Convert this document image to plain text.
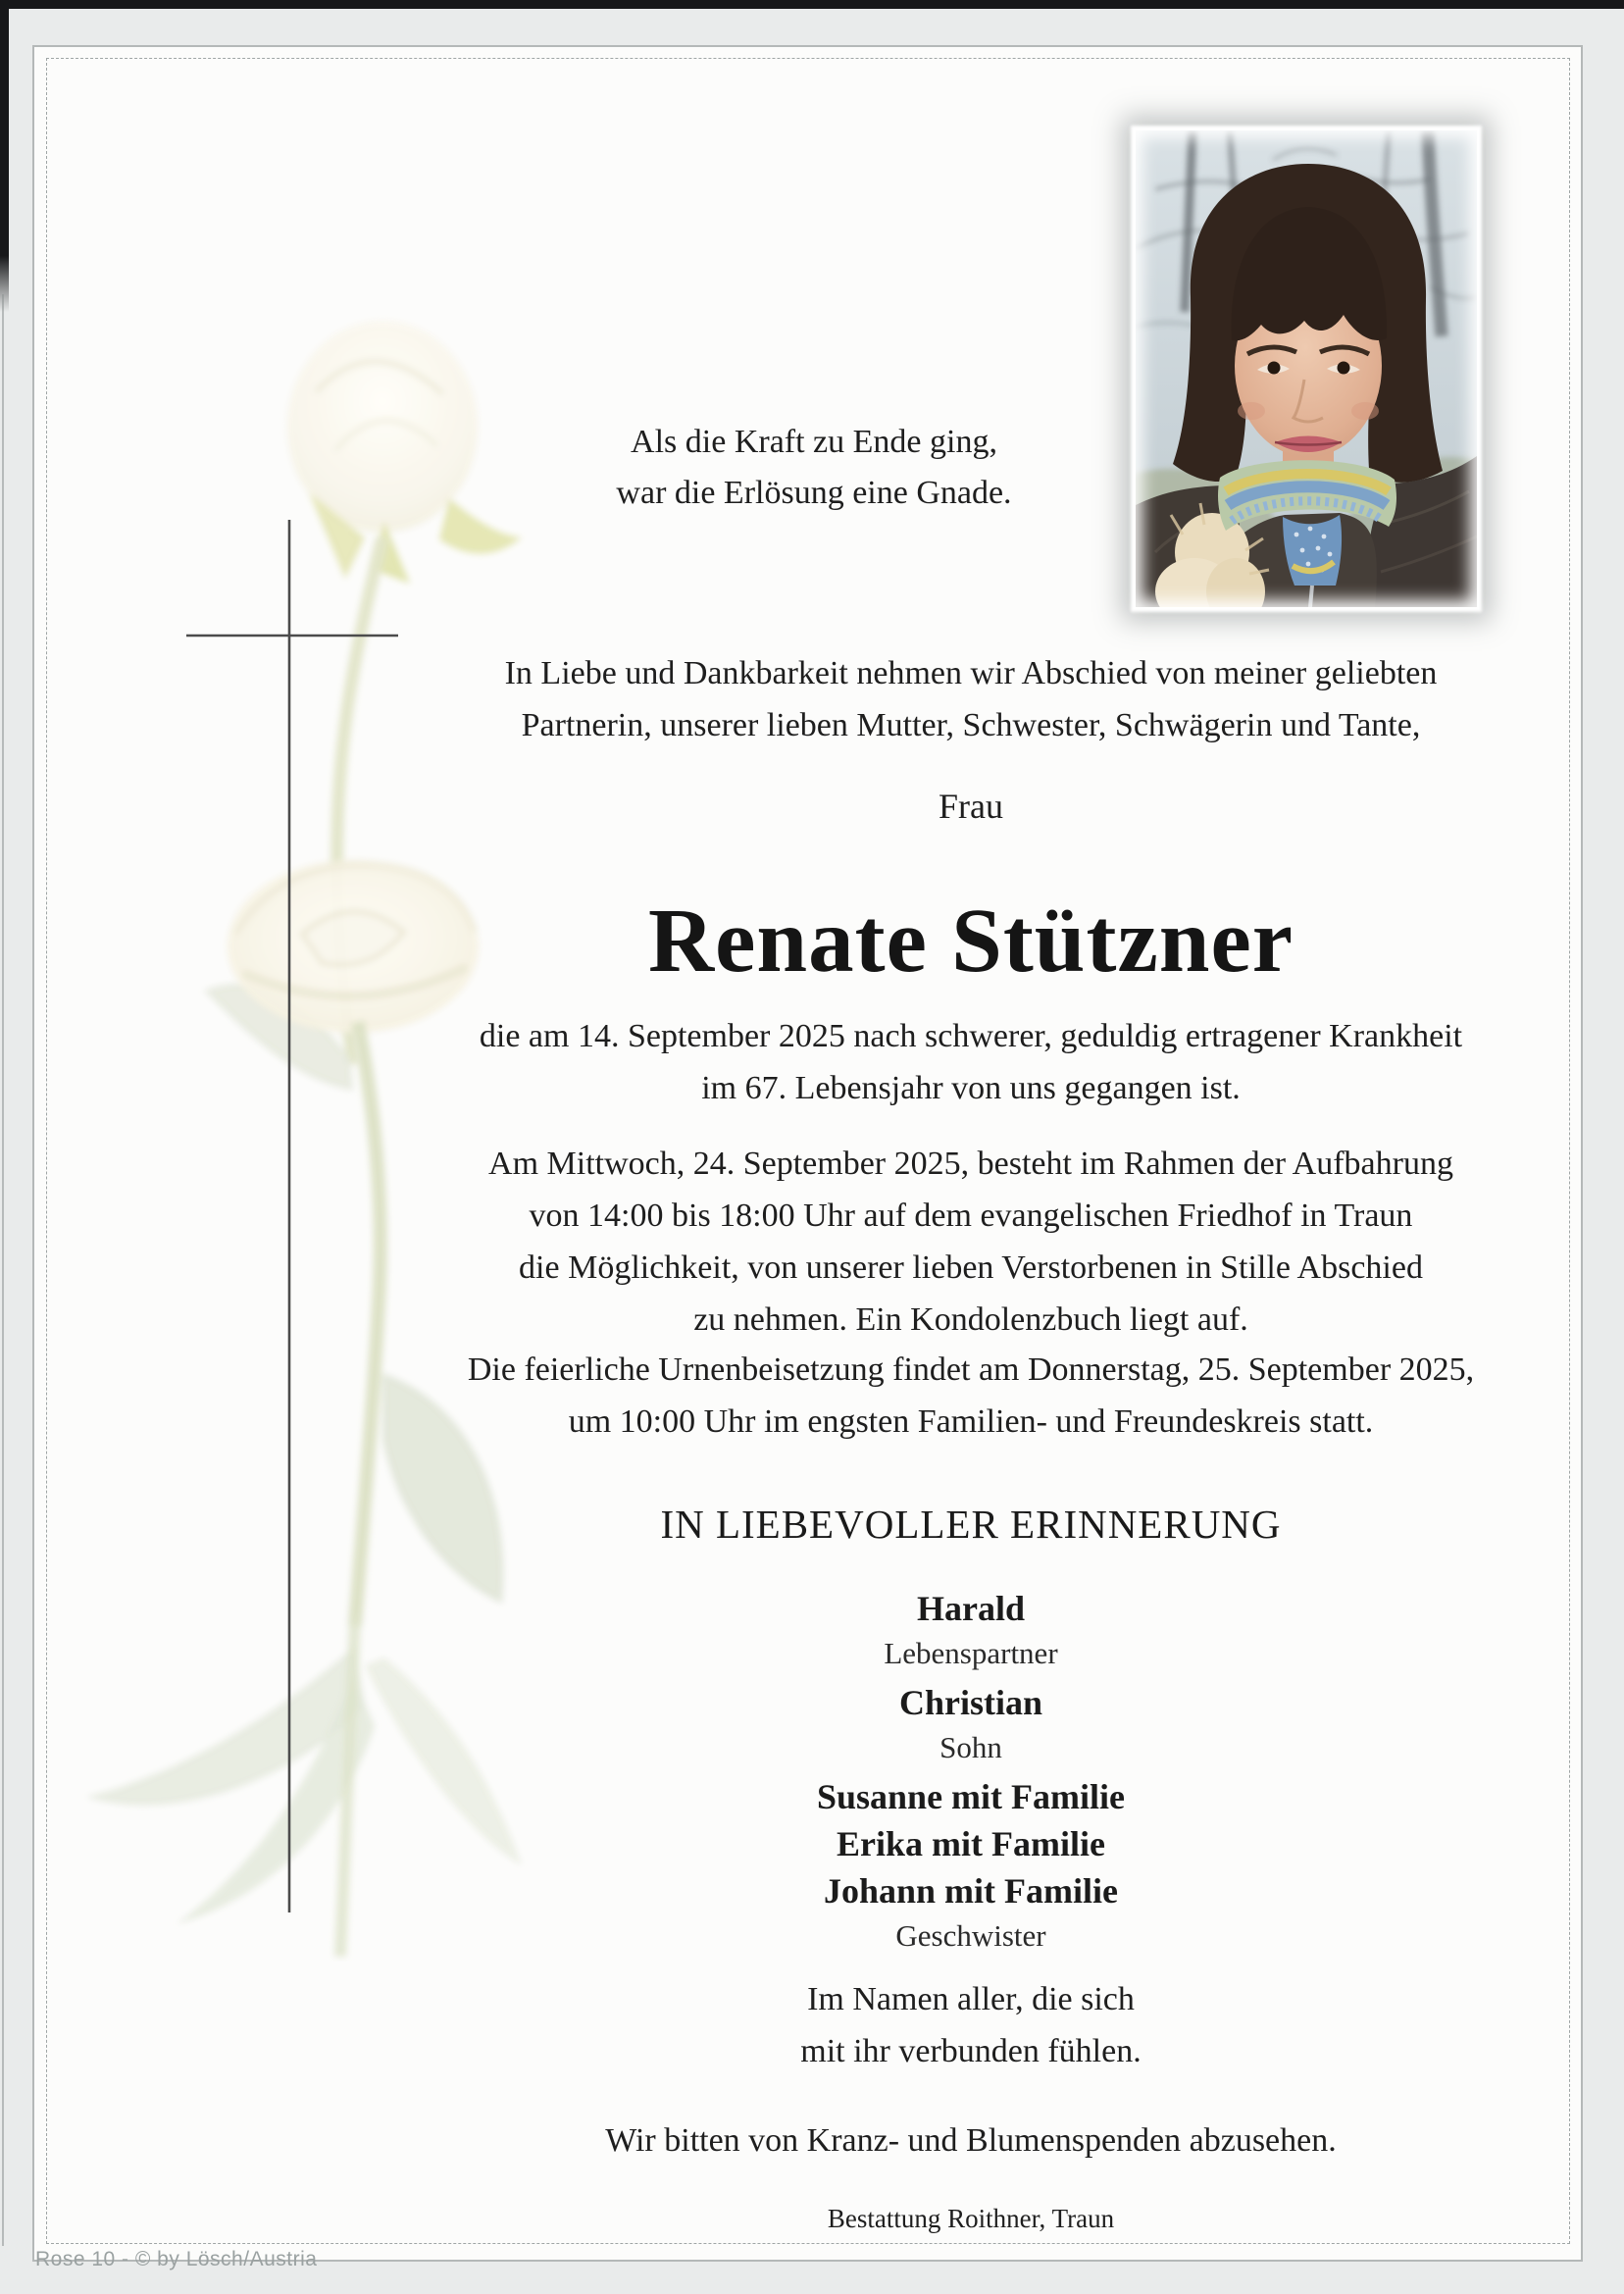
Als die Kraft zu Ende ging,
war die Erlösung eine Gnade.
In Liebe und Dankbarkeit nehmen wir Abschied von meiner geliebten
Partnerin, unserer lieben Mutter, Schwester, Schwägerin und Tante,
Frau
Renate Stützner
die am 14. September 2025 nach schwerer, geduldig ertragener Krankheit
im 67. Lebensjahr von uns gegangen ist.
Am Mittwoch, 24. September 2025, besteht im Rahmen der Aufbahrung
von 14:00 bis 18:00 Uhr auf dem evangelischen Friedhof in Traun
die Möglichkeit, von unserer lieben Verstorbenen in Stille Abschied
zu nehmen. Ein Kondolenzbuch liegt auf.
Die feierliche Urnenbeisetzung findet am Donnerstag, 25. September 2025,
um 10:00 Uhr im engsten Familien- und Freundeskreis statt.
IN LIEBEVOLLER ERINNERUNG
Harald
Lebenspartner
Christian
Sohn
Susanne mit Familie
Erika mit Familie
Johann mit Familie
Geschwister
Im Namen aller, die sich
mit ihr verbunden fühlen.
Wir bitten von Kranz- und Blumenspenden abzusehen.
Bestattung Roithner, Traun
Rose 10 - © by Lösch/Austria
